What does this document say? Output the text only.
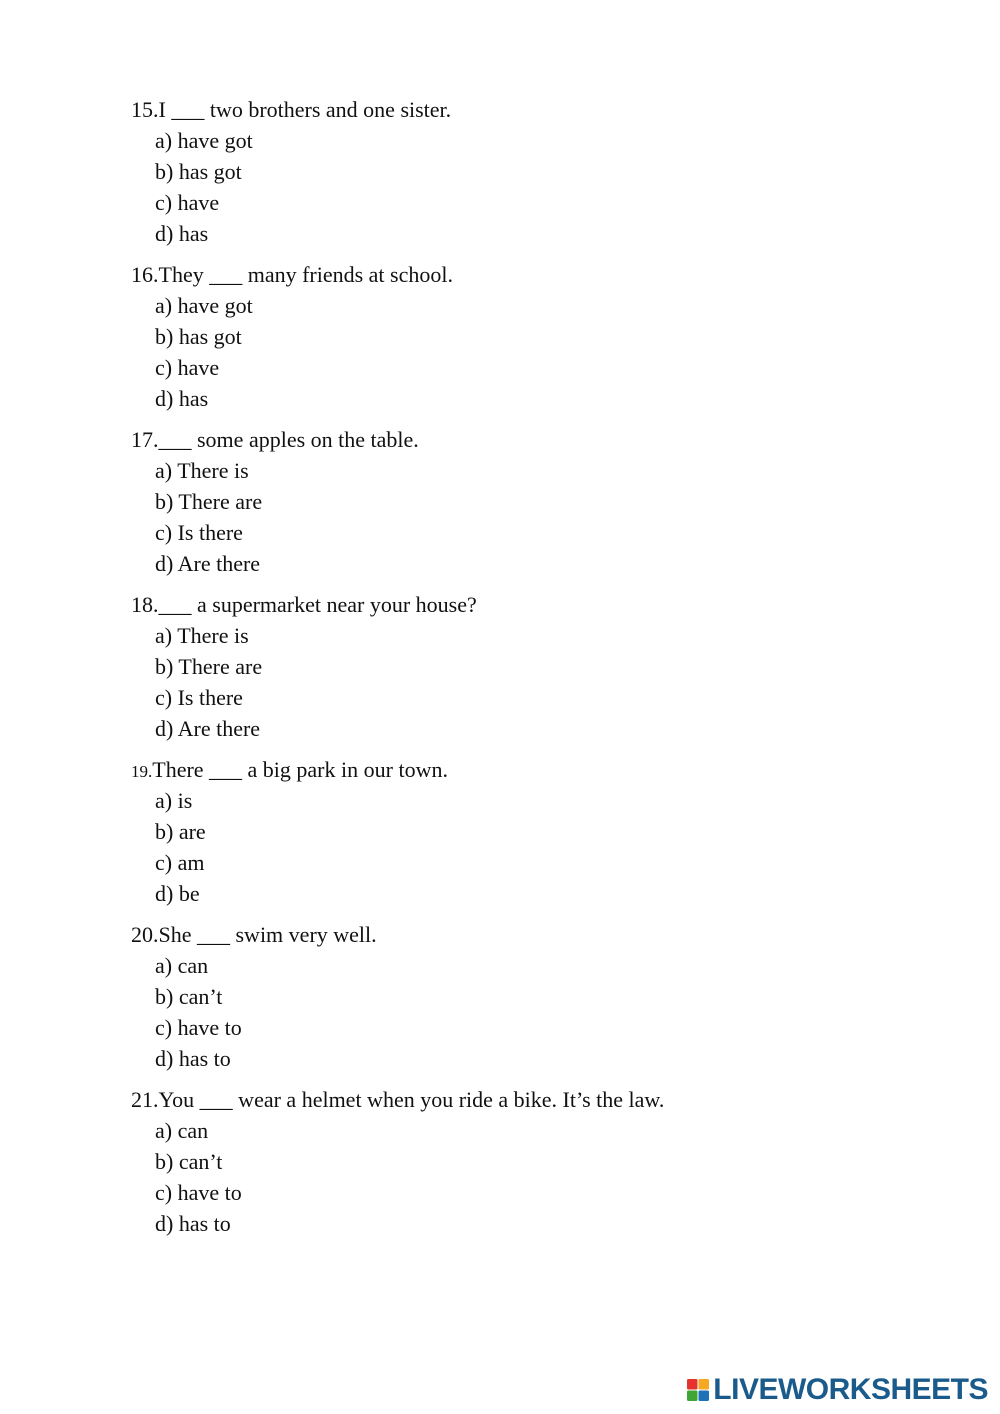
15.I ___ two brothers and one sister.
a) have got
b) has got
c) have
d) has
16.They ___ many friends at school.
a) have got
b) has got
c) have
d) has
17.___ some apples on the table.
a) There is
b) There are
c) Is there
d) Are there
18.___ a supermarket near your house?
a) There is
b) There are
c) Is there
d) Are there
19.There ___ a big park in our town.
a) is
b) are
c) am
d) be
20.She ___ swim very well.
a) can
b) can’t
c) have to
d) has to
21.You ___ wear a helmet when you ride a bike. It’s the law.
a) can
b) can’t
c) have to
d) has to
LIVEWORKSHEETS
